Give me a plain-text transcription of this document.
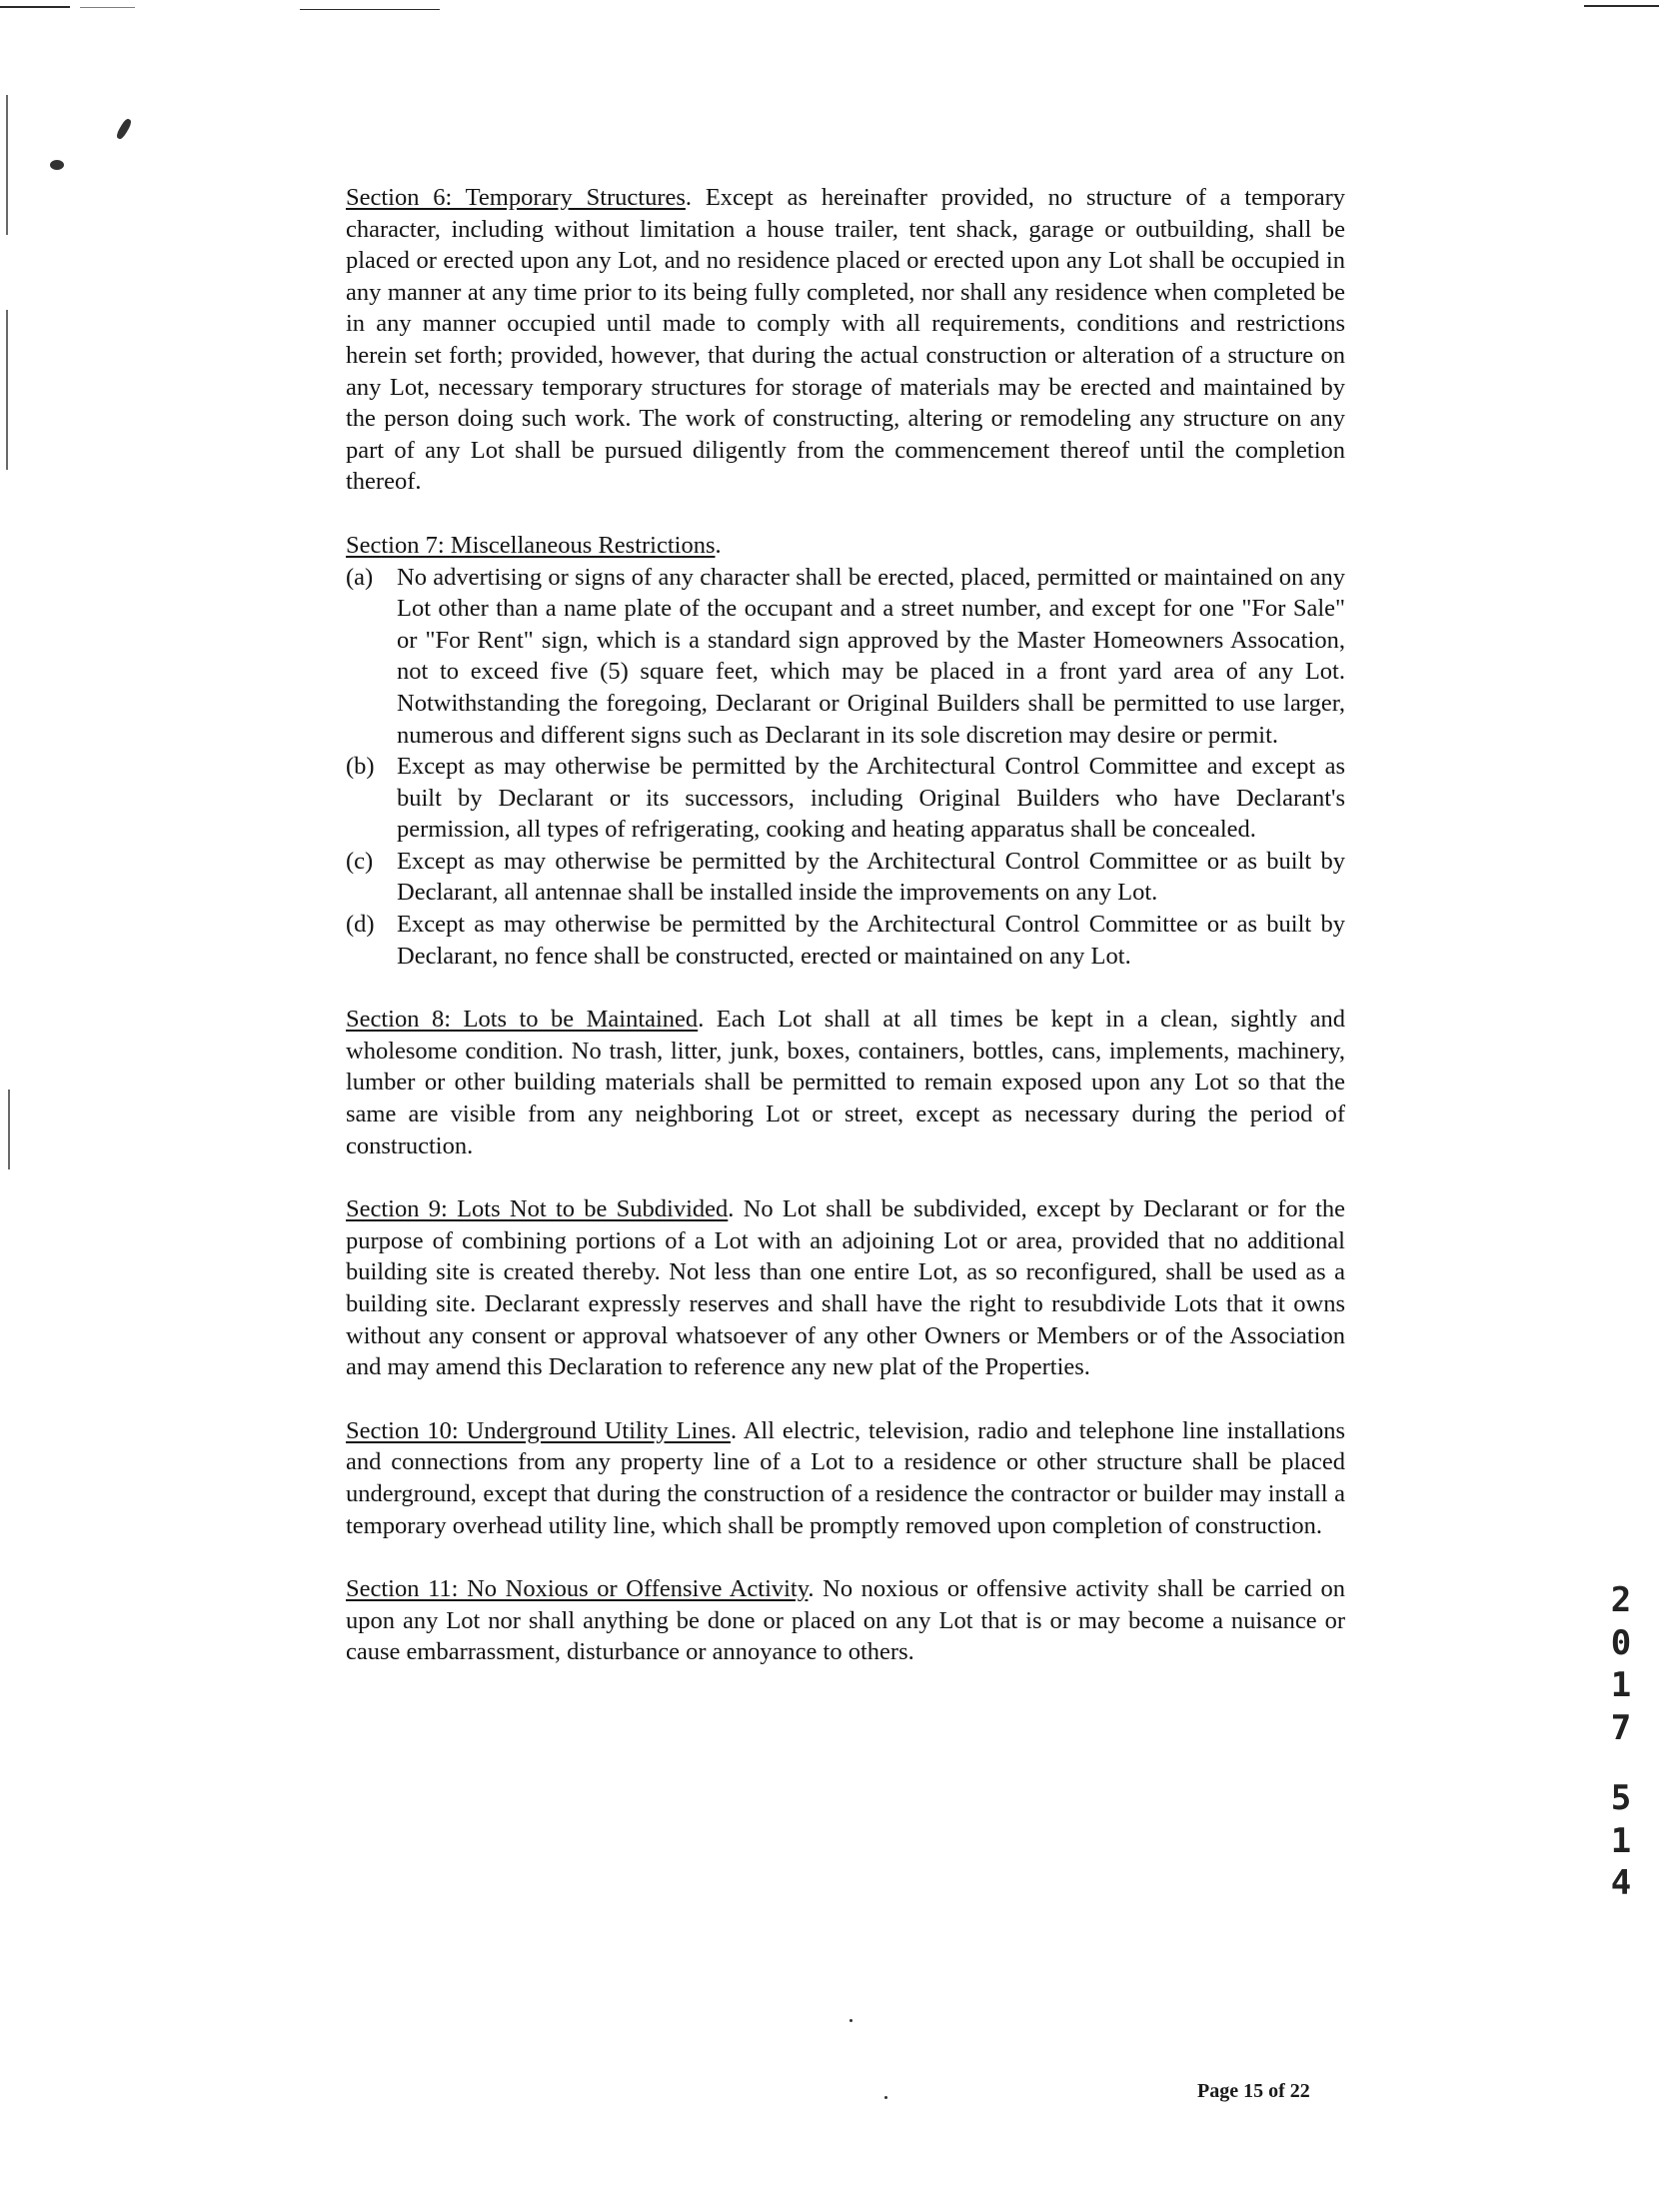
Section 6: Temporary Structures. Except as hereinafter provided, no structure of a temporary character, including without limitation a house trailer, tent shack, garage or outbuilding, shall be placed or erected upon any Lot, and no residence placed or erected upon any Lot shall be occupied in any manner at any time prior to its being fully completed, nor shall any residence when completed be in any manner occupied until made to comply with all requirements, conditions and restrictions herein set forth; provided, however, that during the actual construction or alteration of a structure on any Lot, necessary temporary structures for storage of materials may be erected and maintained by the person doing such work. The work of constructing, altering or remodeling any structure on any part of any Lot shall be pursued diligently from the commencement thereof until the completion thereof.

Section 7: Miscellaneous Restrictions.
(a) No advertising or signs of any character shall be erected, placed, permitted or maintained on any Lot other than a name plate of the occupant and a street number, and except for one "For Sale" or "For Rent" sign, which is a standard sign approved by the Master Homeowners Assocation, not to exceed five (5) square feet, which may be placed in a front yard area of any Lot. Notwithstanding the foregoing, Declarant or Original Builders shall be permitted to use larger, numerous and different signs such as Declarant in its sole discretion may desire or permit.
(b) Except as may otherwise be permitted by the Architectural Control Committee and except as built by Declarant or its successors, including Original Builders who have Declarant's permission, all types of refrigerating, cooking and heating apparatus shall be concealed.
(c) Except as may otherwise be permitted by the Architectural Control Committee or as built by Declarant, all antennae shall be installed inside the improvements on any Lot.
(d) Except as may otherwise be permitted by the Architectural Control Committee or as built by Declarant, no fence shall be constructed, erected or maintained on any Lot.

Section 8: Lots to be Maintained. Each Lot shall at all times be kept in a clean, sightly and wholesome condition. No trash, litter, junk, boxes, containers, bottles, cans, implements, machinery, lumber or other building materials shall be permitted to remain exposed upon any Lot so that the same are visible from any neighboring Lot or street, except as necessary during the period of construction.

Section 9: Lots Not to be Subdivided. No Lot shall be subdivided, except by Declarant or for the purpose of combining portions of a Lot with an adjoining Lot or area, provided that no additional building site is created thereby. Not less than one entire Lot, as so reconfigured, shall be used as a building site. Declarant expressly reserves and shall have the right to resubdivide Lots that it owns without any consent or approval whatsoever of any other Owners or Members or of the Association and may amend this Declaration to reference any new plat of the Properties.

Section 10: Underground Utility Lines. All electric, television, radio and telephone line installations and connections from any property line of a Lot to a residence or other structure shall be placed underground, except that during the construction of a residence the contractor or builder may install a temporary overhead utility line, which shall be promptly removed upon completion of construction.

Section 11: No Noxious or Offensive Activity. No noxious or offensive activity shall be carried on upon any Lot nor shall anything be done or placed on any Lot that is or may become a nuisance or cause embarrassment, disturbance or annoyance to others.

2
0
1
7
5
1
4
Page 15 of 22
